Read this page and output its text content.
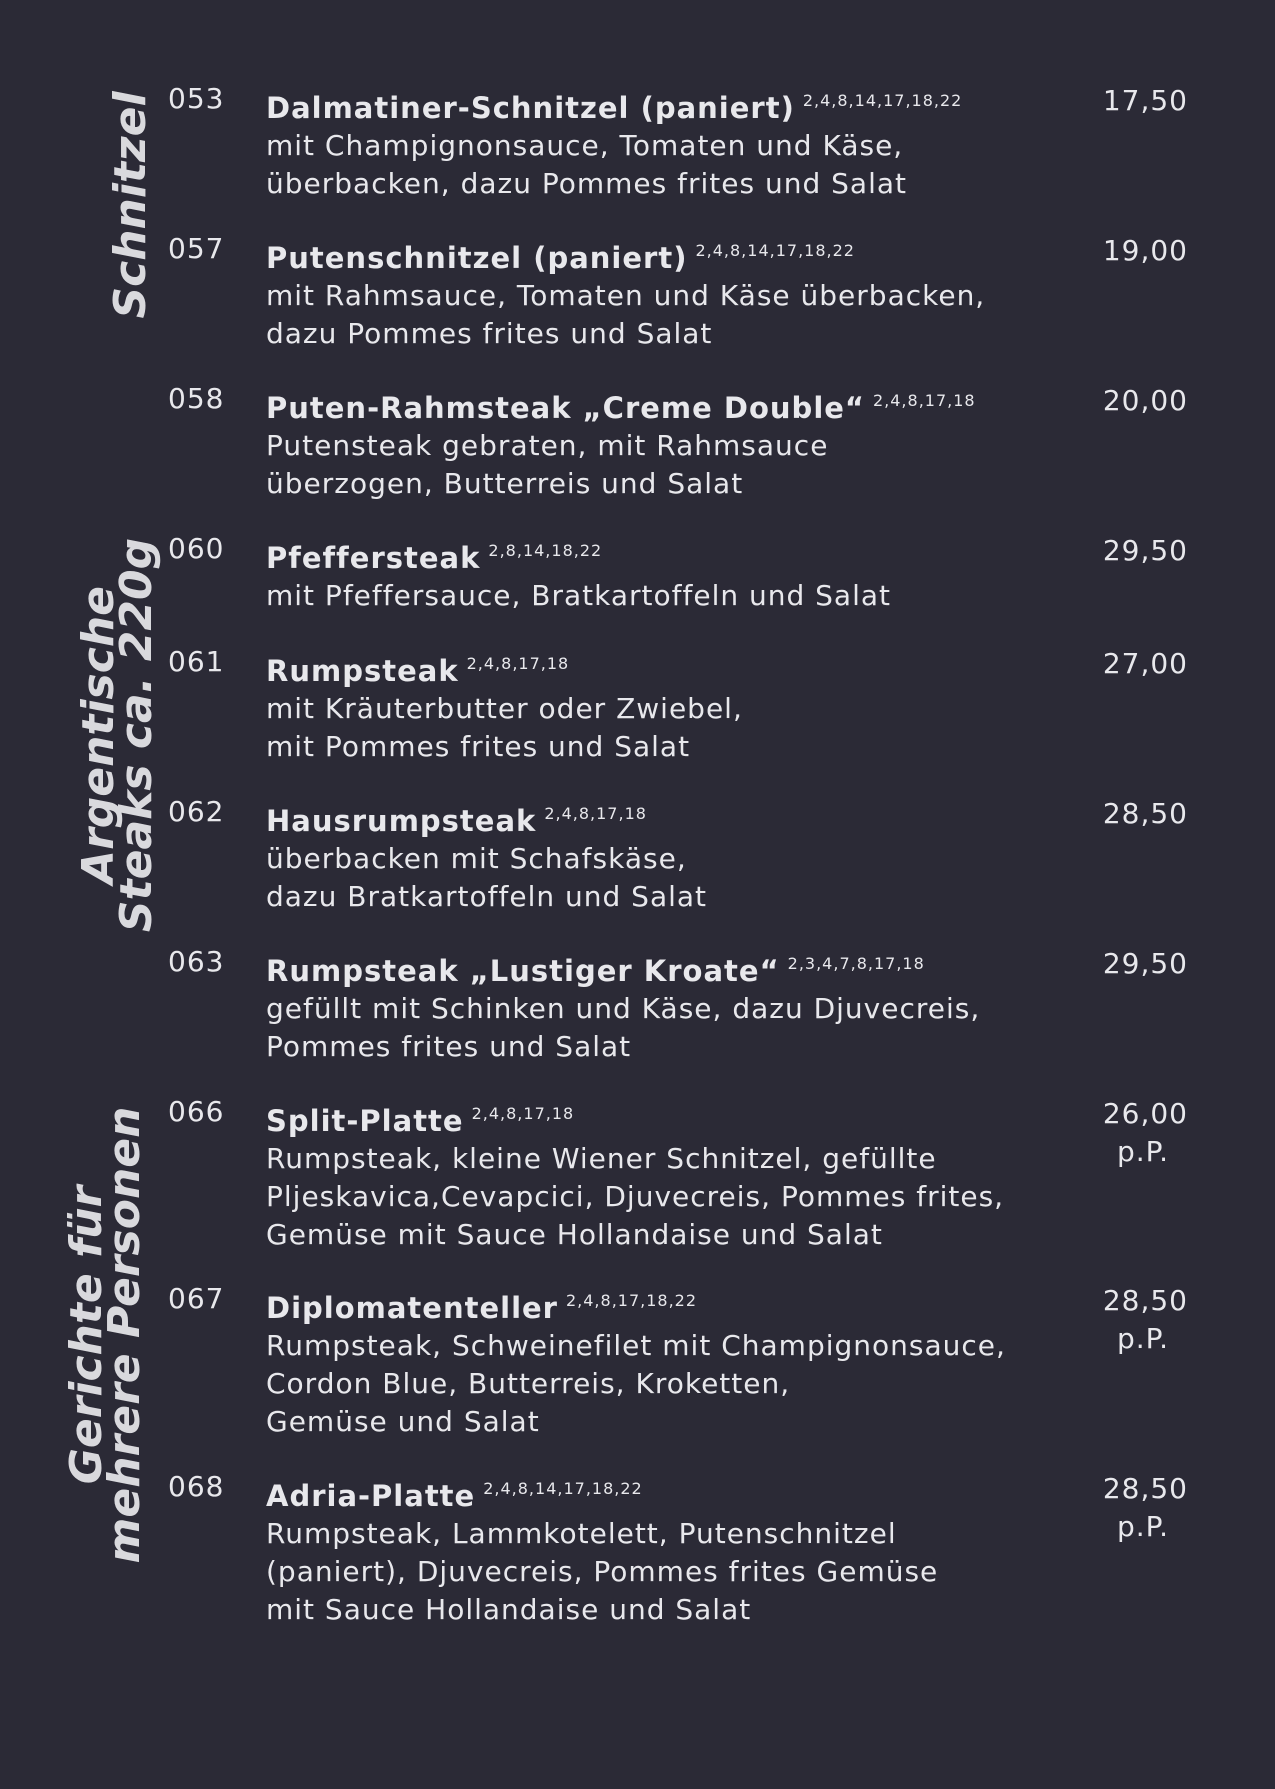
Schnitzel
Argentische
Steaks ca. 220g
Gerichte für
mehrere Personen
053 Dalmatiner-Schnitzel (paniert) $^{2,4,8,14,17,18,22}$
mit Champignonsauce, Tomaten und Käse,
überbacken, dazu Pommes frites und Salat
17,50
057 Putenschnitzel (paniert) $^{2,4,8,14,17,18,22}$
mit Rahmsauce, Tomaten und Käse überbacken,
dazu Pommes frites und Salat
19,00
058 Puten-Rahmsteak „Creme Double“ $^{2,4,8,17,18}$
Putensteak gebraten, mit Rahmsauce
überzogen, Butterreis und Salat
20,00
060 Pfeffersteak $^{2,8,14,18,22}$
mit Pfeffersauce, Bratkartoffeln und Salat
29,50
061 Rumpsteak $^{2,4,8,17,18}$
mit Kräuterbutter oder Zwiebel,
mit Pommes frites und Salat
27,00
062 Hausrumpsteak $^{2,4,8,17,18}$
überbacken mit Schafskäse,
dazu Bratkartoffeln und Salat
28,50
063 Rumpsteak „Lustiger Kroate“ $^{2,3,4,7,8,17,18}$
gefüllt mit Schinken und Käse, dazu Djuvecreis,
Pommes frites und Salat
29,50
066 Split-Platte $^{2,4,8,17,18}$
Rumpsteak, kleine Wiener Schnitzel, gefüllte
Pljeskavica,Cevapcici, Djuvecreis, Pommes frites,
Gemüse mit Sauce Hollandaise und Salat
26,00
p.P.
067 Diplomatenteller $^{2,4,8,17,18,22}$
Rumpsteak, Schweinefilet mit Champignonsauce,
Cordon Blue, Butterreis, Kroketten,
Gemüse und Salat
28,50
p.P.
068 Adria-Platte $^{2,4,8,14,17,18,22}$
Rumpsteak, Lammkotelett, Putenschnitzel
(paniert), Djuvecreis, Pommes frites Gemüse
mit Sauce Hollandaise und Salat
28,50
p.P.
